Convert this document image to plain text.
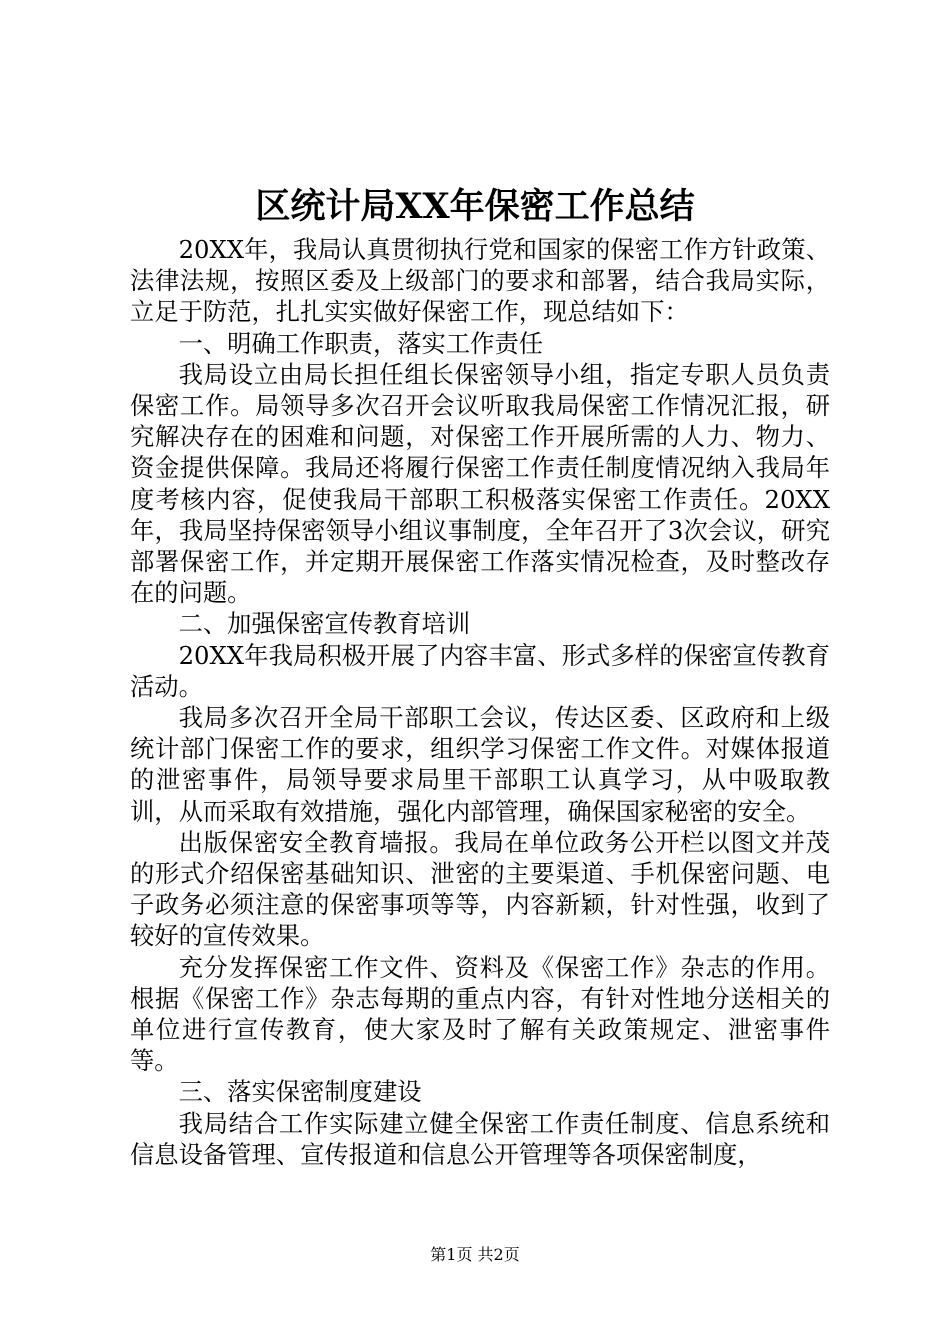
区统计局XX年保密工作总结

20XX年，我局认真贯彻执行党和国家的保密工作方针政策、法律法规，按照区委及上级部门的要求和部署，结合我局实际，立足于防范，扎扎实实做好保密工作，现总结如下：

一、明确工作职责，落实工作责任

我局设立由局长担任组长保密领导小组，指定专职人员负责保密工作。局领导多次召开会议听取我局保密工作情况汇报，研究解决存在的困难和问题，对保密工作开展所需的人力、物力、资金提供保障。我局还将履行保密工作责任制度情况纳入我局年度考核内容，促使我局干部职工积极落实保密工作责任。20XX年，我局坚持保密领导小组议事制度，全年召开了3次会议，研究部署保密工作，并定期开展保密工作落实情况检查，及时整改存在的问题。

二、加强保密宣传教育培训

20XX年我局积极开展了内容丰富、形式多样的保密宣传教育活动。

我局多次召开全局干部职工会议，传达区委、区政府和上级统计部门保密工作的要求，组织学习保密工作文件。对媒体报道的泄密事件，局领导要求局里干部职工认真学习，从中吸取教训，从而采取有效措施，强化内部管理，确保国家秘密的安全。

出版保密安全教育墙报。我局在单位政务公开栏以图文并茂的形式介绍保密基础知识、泄密的主要渠道、手机保密问题、电子政务必须注意的保密事项等等，内容新颖，针对性强，收到了较好的宣传效果。

充分发挥保密工作文件、资料及《保密工作》杂志的作用。根据《保密工作》杂志每期的重点内容，有针对性地分送相关的单位进行宣传教育，使大家及时了解有关政策规定、泄密事件等。

三、落实保密制度建设

我局结合工作实际建立健全保密工作责任制度、信息系统和信息设备管理、宣传报道和信息公开管理等各项保密制度，

第1页 共2页
